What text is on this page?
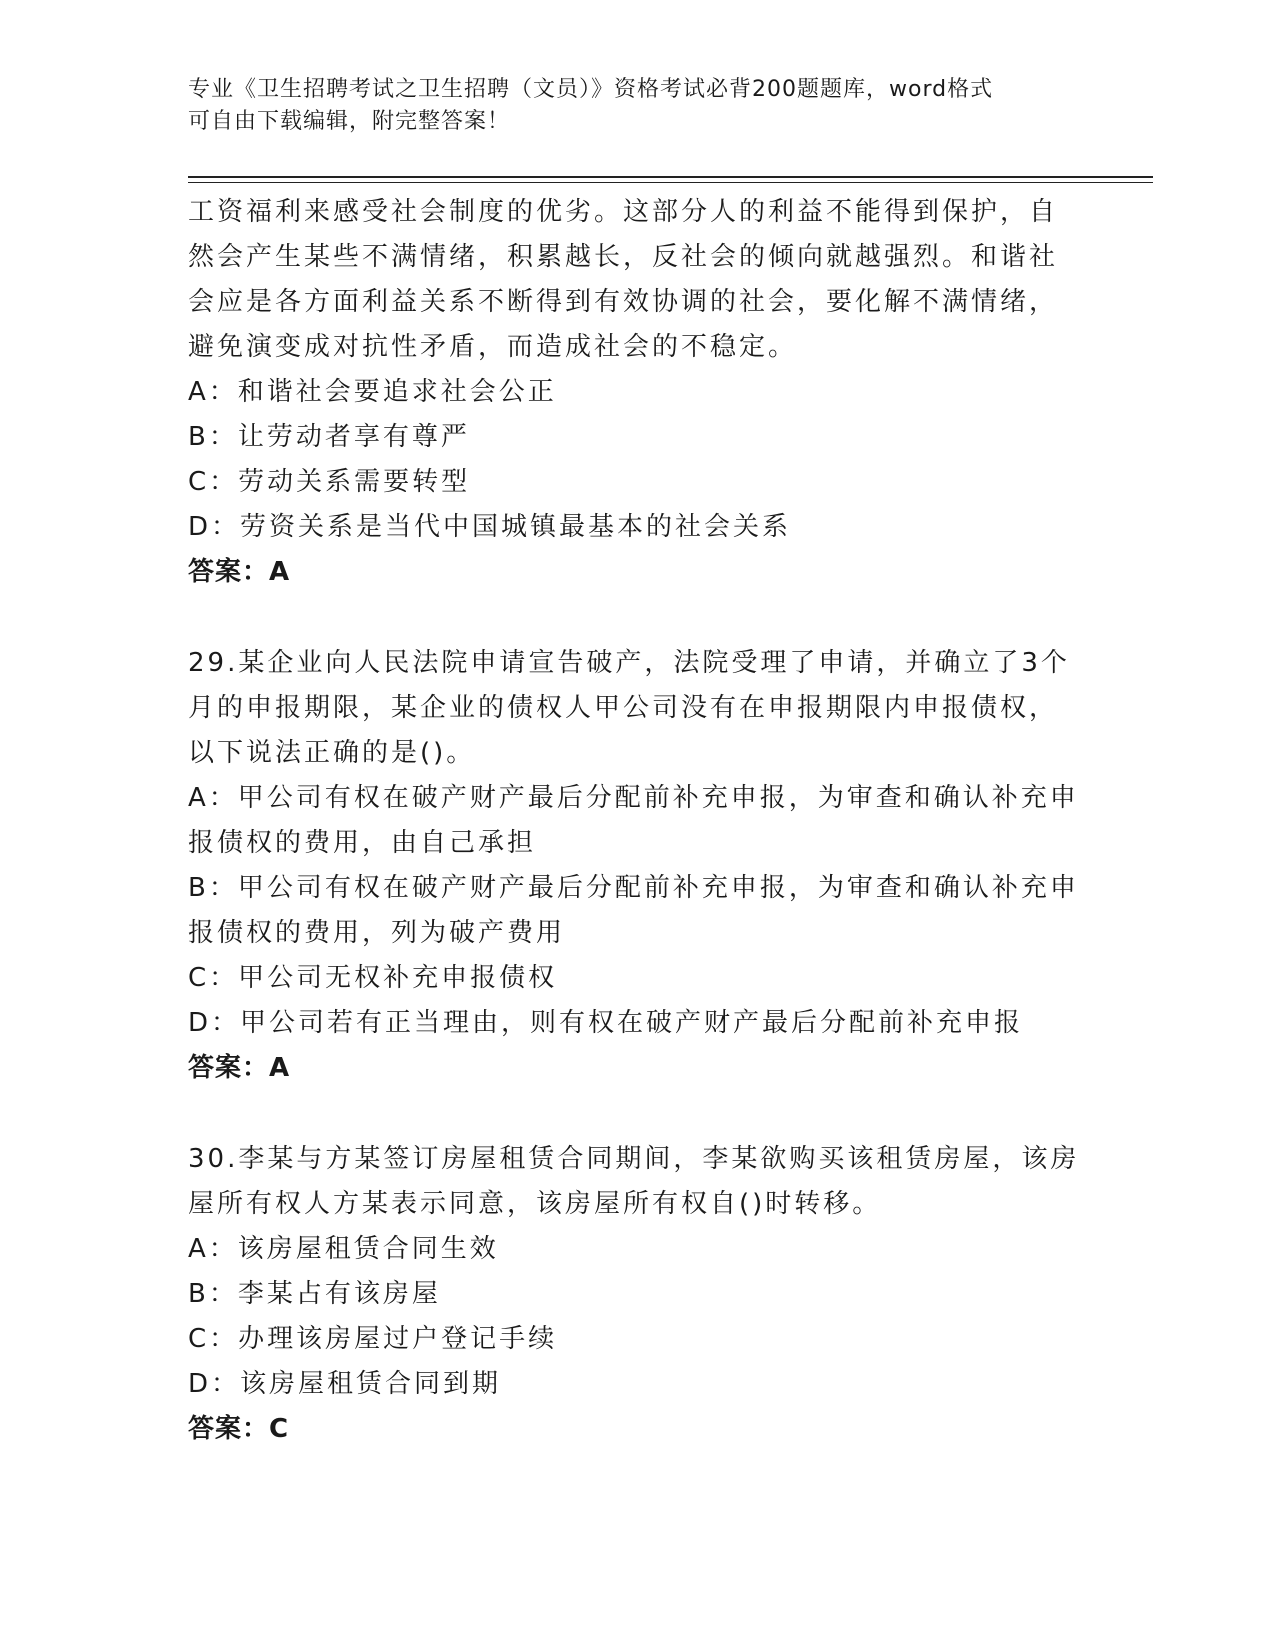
专业《卫生招聘考试之卫生招聘（文员）》资格考试必背200题题库，word格式
可自由下载编辑，附完整答案！
工资福利来感受社会制度的优劣。这部分人的利益不能得到保护，自
然会产生某些不满情绪，积累越长，反社会的倾向就越强烈。和谐社
会应是各方面利益关系不断得到有效协调的社会，要化解不满情绪，
避免演变成对抗性矛盾，而造成社会的不稳定。
A：和谐社会要追求社会公正
B：让劳动者享有尊严
C：劳动关系需要转型
D：劳资关系是当代中国城镇最基本的社会关系
答案：A
29.某企业向人民法院申请宣告破产，法院受理了申请，并确立了3个
月的申报期限，某企业的债权人甲公司没有在申报期限内申报债权，
以下说法正确的是()。
A：甲公司有权在破产财产最后分配前补充申报，为审查和确认补充申
报债权的费用，由自己承担
B：甲公司有权在破产财产最后分配前补充申报，为审查和确认补充申
报债权的费用，列为破产费用
C：甲公司无权补充申报债权
D：甲公司若有正当理由，则有权在破产财产最后分配前补充申报
答案：A
30.李某与方某签订房屋租赁合同期间，李某欲购买该租赁房屋，该房
屋所有权人方某表示同意，该房屋所有权自()时转移。
A：该房屋租赁合同生效
B：李某占有该房屋
C：办理该房屋过户登记手续
D：该房屋租赁合同到期
答案：C
